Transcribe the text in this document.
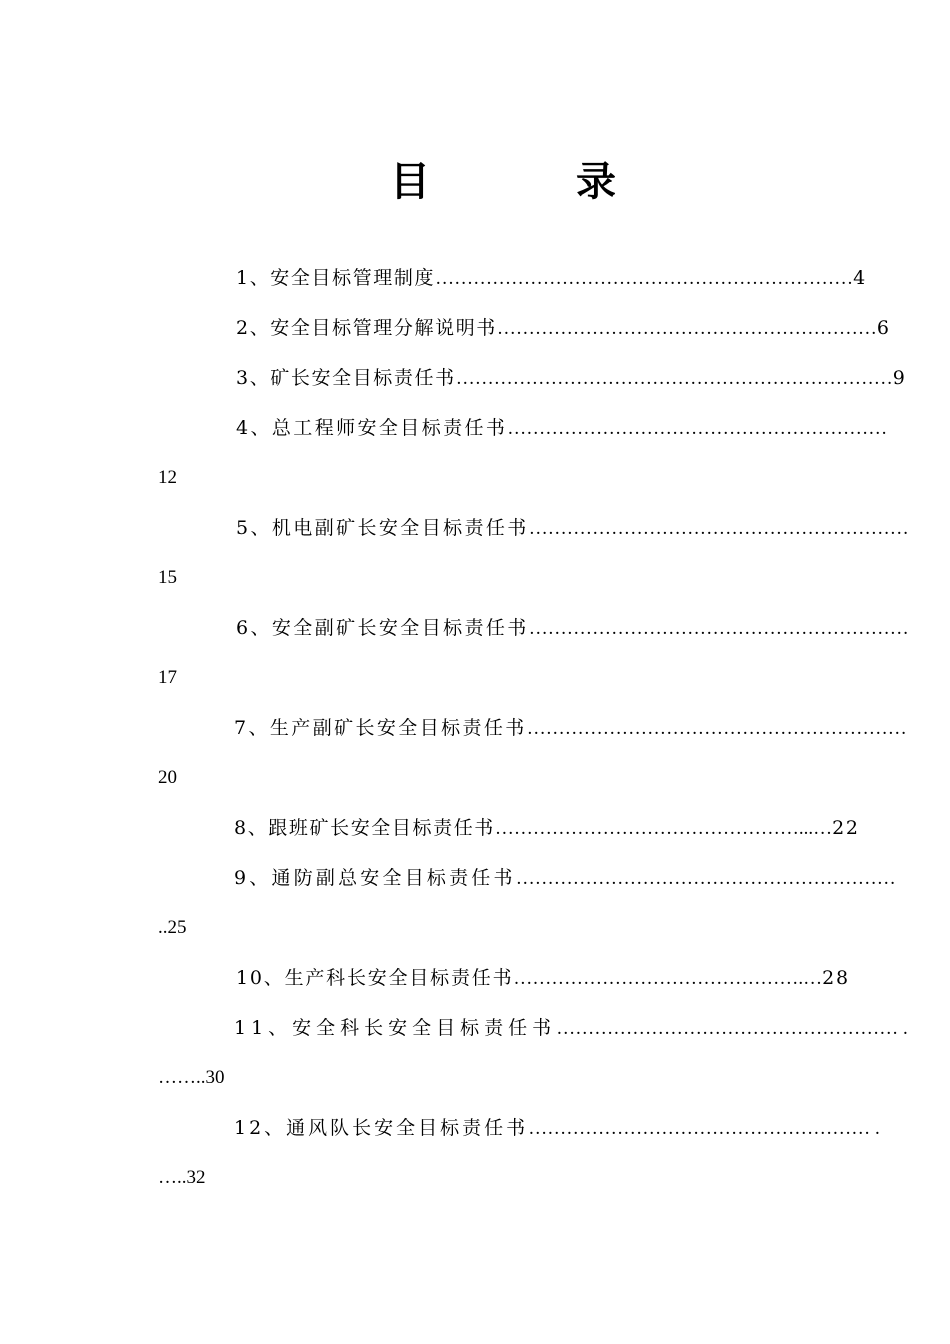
目	录
1、安全目标管理制度…………………………………………………………4
2、安全目标管理分解说明书……………………………………………………6
3、矿长安全目标责任书……………………………………………………………9
4、总工程师安全目标责任书……………………………………………………
12
5、机电副矿长安全目标责任书……………………………………………………
15
6、安全副矿长安全目标责任书……………………………………………………
17
7、生产副矿长安全目标责任书……………………………………………………
20
8、跟班矿长安全目标责任书…………………………………………...…22
9、通防副总安全目标责任书……………………………………………………
..25
10、生产科长安全目标责任书……………………………………….…28
11、安全科长安全目标责任书……………………………………………… .
……..30
12、通风队长安全目标责任书……………………………………………… .
…..32
